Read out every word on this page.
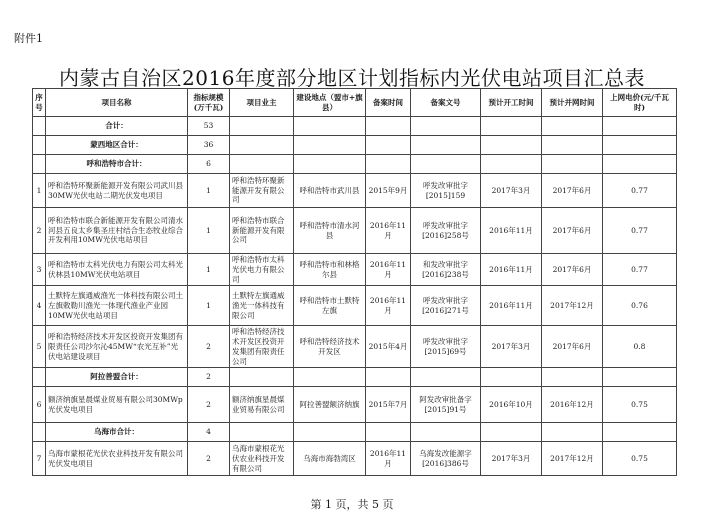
附件1
内蒙古自治区2016年度部分地区计划指标内光伏电站项目汇总表
序号	项目名称	指标规模(万千瓦)	项目业主	建设地点（盟市+旗县）	备案时间	备案文号	预计开工时间	预计并网时间	上网电价(元/千瓦时)
	合计：	53							
	蒙西地区合计：	36							
	呼和浩特市合计：	6							
1	呼和浩特环聚新能源开发有限公司武川县30MW光伏电站二期光伏发电项目	1	呼和浩特环聚新能源开发有限公司	呼和浩特市武川县	2015年9月	呼发改审批字[2015]159	2017年3月	2017年6月	0.77
2	呼和浩特市联合新能源开发有限公司清水河县五良太乡集圣庄村结合生态牧业综合开发利用10MW光伏电站项目	1	呼和浩特市联合新能源开发有限公司	呼和浩特市清水河县	2016年11月	呼发改审批字[2016]258号	2016年11月	2017年6月	0.77
3	呼和浩特市太科光伏电力有限公司太科光伏林县10MW光伏电站项目	1	呼和浩特市太科光伏电力有限公司	呼和浩特市和林格尔县	2016年11月	和发改审批字[2016]238号	2016年11月	2017年6月	0.77
4	土默特左旗通威渔光一体科技有限公司土左旗敕勒川渔光一体现代渔业产业园10MW光伏电站项目	1	土默特左旗通威渔光一体科技有限公司	呼和浩特市土默特左旗	2016年11月	呼发改审批字[2016]271号	2016年11月	2017年12月	0.76
5	呼和浩特经济技术开发区投资开发集团有限责任公司沙尔沁45MW“农光互补”光伏电站建设项目	2	呼和浩特经济技术开发区投资开发集团有限责任公司	呼和浩特经济技术开发区	2015年4月	呼发改审批字[2015]69号	2017年3月	2017年6月	0.8
	阿拉善盟合计：	2							
6	额济纳旗星晨煤业贸易有限公司30MWp光伏发电项目	2	额济纳旗星晨煤业贸易有限公司	阿拉善盟额济纳旗	2015年7月	阿发改审批备字[2015]91号	2016年10月	2016年12月	0.75
	乌海市合计：	4							
7	乌海市蒙根花光伏农业科技开发有限公司光伏发电项目	2	乌海市蒙根花光伏农业科技开发有限公司	乌海市海勃湾区	2016年11月	乌海发改能源字[2016]386号	2017年3月	2017年12月	0.75
第 1 页，共 5 页
